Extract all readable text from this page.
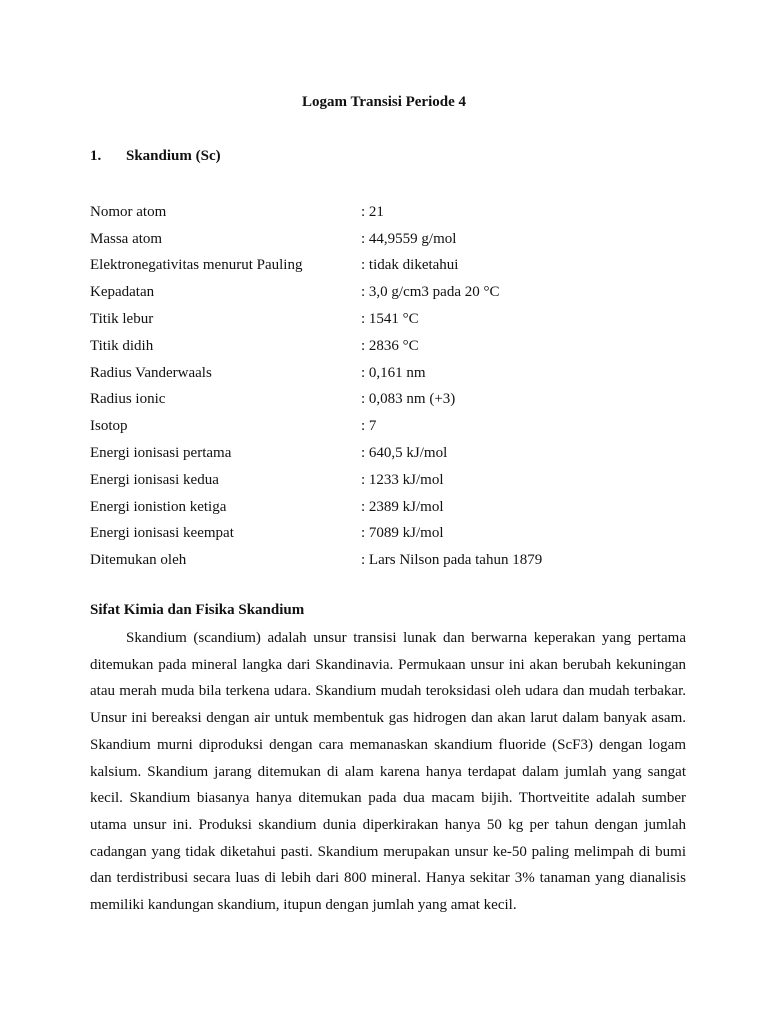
Logam Transisi Periode 4
1. Skandium (Sc)
Nomor atom	: 21
Massa atom	: 44,9559 g/mol
Elektronegativitas menurut Pauling	: tidak diketahui
Kepadatan	: 3,0 g/cm3 pada 20 °C
Titik lebur	: 1541 °C
Titik didih	: 2836 °C
Radius Vanderwaals	: 0,161 nm
Radius ionic	: 0,083 nm (+3)
Isotop	: 7
Energi ionisasi pertama	: 640,5 kJ/mol
Energi ionisasi kedua	: 1233 kJ/mol
Energi ionistion ketiga	: 2389 kJ/mol
Energi ionisasi keempat	: 7089 kJ/mol
Ditemukan oleh	: Lars Nilson pada tahun 1879
Sifat Kimia dan Fisika Skandium

Skandium (scandium) adalah unsur transisi lunak dan berwarna keperakan yang pertama ditemukan pada mineral langka dari Skandinavia. Permukaan unsur ini akan berubah kekuningan atau merah muda bila terkena udara. Skandium mudah teroksidasi oleh udara dan mudah terbakar. Unsur ini bereaksi dengan air untuk membentuk gas hidrogen dan akan larut dalam banyak asam. Skandium murni diproduksi dengan cara memanaskan skandium fluoride (ScF3) dengan logam kalsium. Skandium jarang ditemukan di alam karena hanya terdapat dalam jumlah yang sangat kecil. Skandium biasanya hanya ditemukan pada dua macam bijih. Thortveitite adalah sumber utama unsur ini. Produksi skandium dunia diperkirakan hanya 50 kg per tahun dengan jumlah cadangan yang tidak diketahui pasti. Skandium merupakan unsur ke-50 paling melimpah di bumi dan terdistribusi secara luas di lebih dari 800 mineral. Hanya sekitar 3% tanaman yang dianalisis memiliki kandungan skandium, itupun dengan jumlah yang amat kecil.
